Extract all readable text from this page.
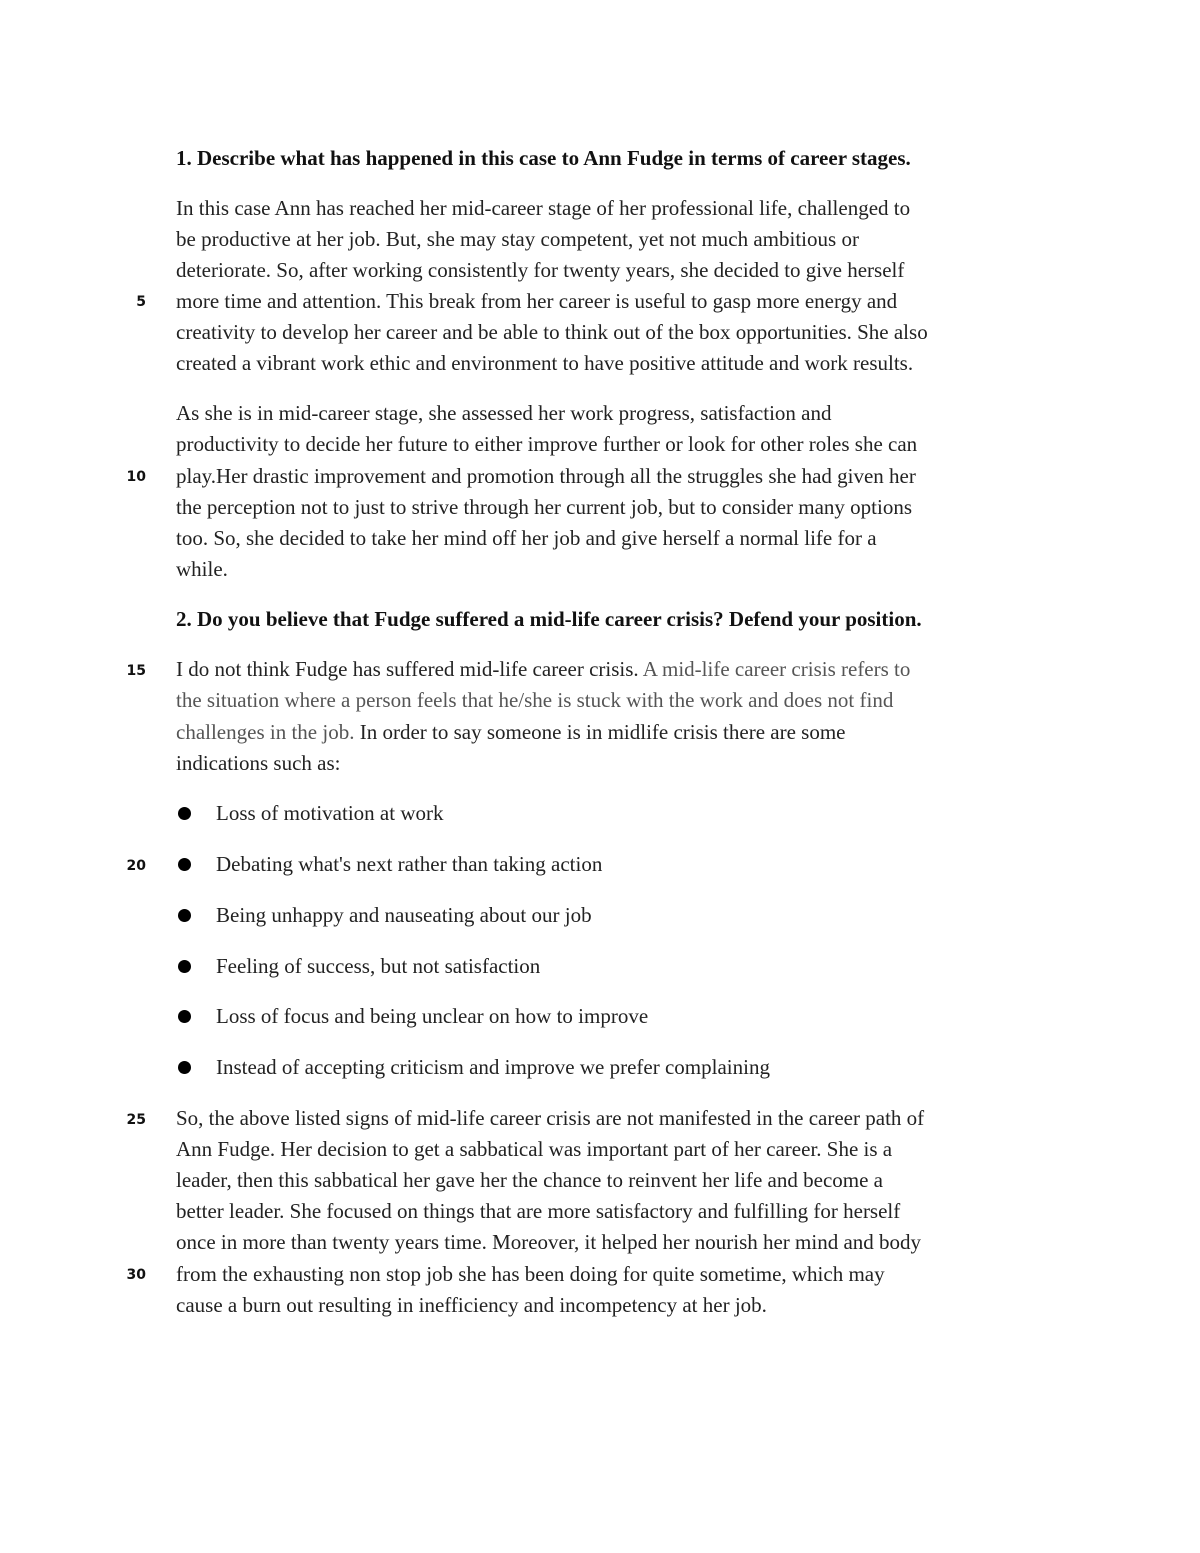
5
10
15
20
25
30
1. Describe what has happened in this case to Ann Fudge in terms of career stages.
In this case Ann has reached her mid-career stage of her professional life, challenged to
be productive at her job. But, she may stay competent, yet not much ambitious or
deteriorate. So, after working consistently for twenty years, she decided to give herself
more time and attention. This break from her career is useful to gasp more energy and
creativity to develop her career and be able to think out of the box opportunities. She also
created a vibrant work ethic and environment to have positive attitude and work results.
As she is in mid-career stage, she assessed her work progress, satisfaction and
productivity to decide her future to either improve further or look for other roles she can
play.Her drastic improvement and promotion through all the struggles she had given her
the perception not to just to strive through her current job, but to consider many options
too. So, she decided to take her mind off her job and give herself a normal life for a
while.
2. Do you believe that Fudge suffered a mid-life career crisis? Defend your position.
I do not think Fudge has suffered mid-life career crisis. A mid-life career crisis refers to
the situation where a person feels that he/she is stuck with the work and does not find
challenges in the job. In order to say someone is in midlife crisis there are some
indications such as:
Loss of motivation at work
Debating what's next rather than taking action
Being unhappy and nauseating about our job
Feeling of success, but not satisfaction
Loss of focus and being unclear on how to improve
Instead of accepting criticism and improve we prefer complaining
So, the above listed signs of mid-life career crisis are not manifested in the career path of
Ann Fudge. Her decision to get a sabbatical was important part of her career. She is a
leader, then this sabbatical her gave her the chance to reinvent her life and become a
better leader. She focused on things that are more satisfactory and fulfilling for herself
once in more than twenty years time. Moreover, it helped her nourish her mind and body
from the exhausting non stop job she has been doing for quite sometime, which may
cause a burn out resulting in inefficiency and incompetency at her job.
